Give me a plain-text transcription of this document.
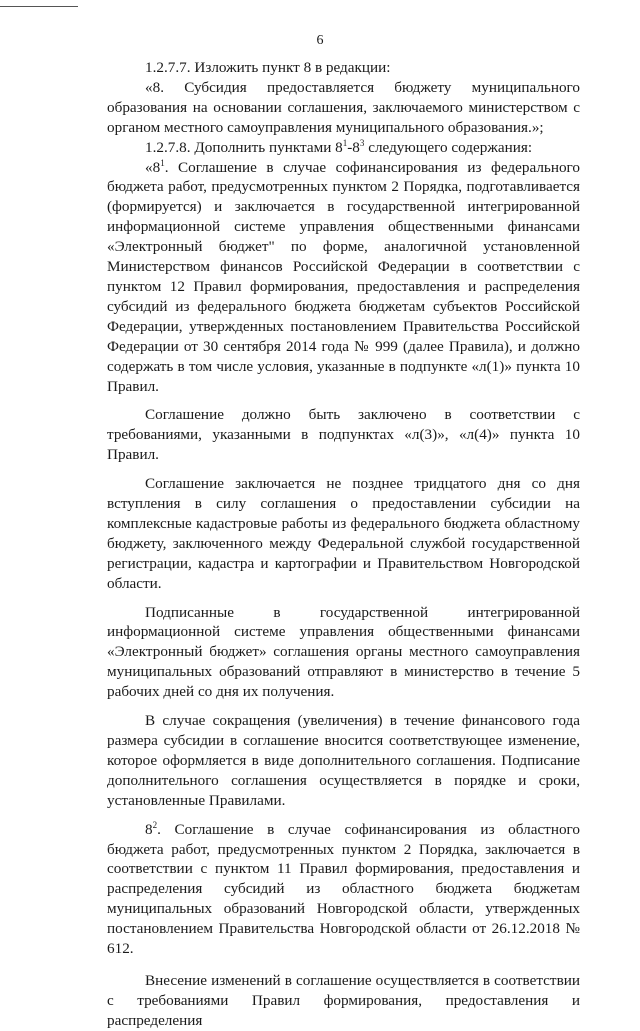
6

1.2.7.7. Изложить пункт 8 в редакции:

«8. Субсидия предоставляется бюджету муниципального образования на основании соглашения, заключаемого министерством с органом местного самоуправления муниципального образования.»;

1.2.7.8. Дополнить пунктами $8^1-8^3$ следующего содержания:

«$8^1$. Соглашение в случае софинансирования из федерального бюджета работ, предусмотренных пунктом 2 Порядка, подготавливается (формируется) и заключается в государственной интегрированной информационной системе управления общественными финансами «Электронный бюджет" по форме, аналогичной установленной Министерством финансов Российской Федерации в соответствии с пунктом 12 Правил формирования, предоставления и распределения субсидий из федерального бюджета бюджетам субъектов Российской Федерации, утвержденных постановлением Правительства Российской Федерации от 30 сентября 2014 года № 999 (далее Правила), и должно содержать в том числе условия, указанные в подпункте «л(1)» пункта 10 Правил.

Соглашение должно быть заключено в соответствии с требованиями, указанными в подпунктах «л(3)», «л(4)» пункта 10 Правил.

Соглашение заключается не позднее тридцатого дня со дня вступления в силу соглашения о предоставлении субсидии на комплексные кадастровые работы из федерального бюджета областному бюджету, заключенного между Федеральной службой государственной регистрации, кадастра и картографии и Правительством Новгородской области.

Подписанные в государственной интегрированной информационной системе управления общественными финансами «Электронный бюджет» соглашения органы местного самоуправления муниципальных образований отправляют в министерство в течение 5 рабочих дней со дня их получения.

В случае сокращения (увеличения) в течение финансового года размера субсидии в соглашение вносится соответствующее изменение, которое оформляется в виде дополнительного соглашения. Подписание дополнительного соглашения осуществляется в порядке и сроки, установленные Правилами.

$8^2$. Соглашение в случае софинансирования из областного бюджета работ, предусмотренных пунктом 2 Порядка, заключается в соответствии с пунктом 11 Правил формирования, предоставления и распределения субсидий из областного бюджета бюджетам муниципальных образований Новгородской области, утвержденных постановлением Правительства Новгородской области от 26.12.2018 № 612.

Внесение изменений в соглашение осуществляется в соответствии с требованиями Правил формирования, предоставления и распределения
